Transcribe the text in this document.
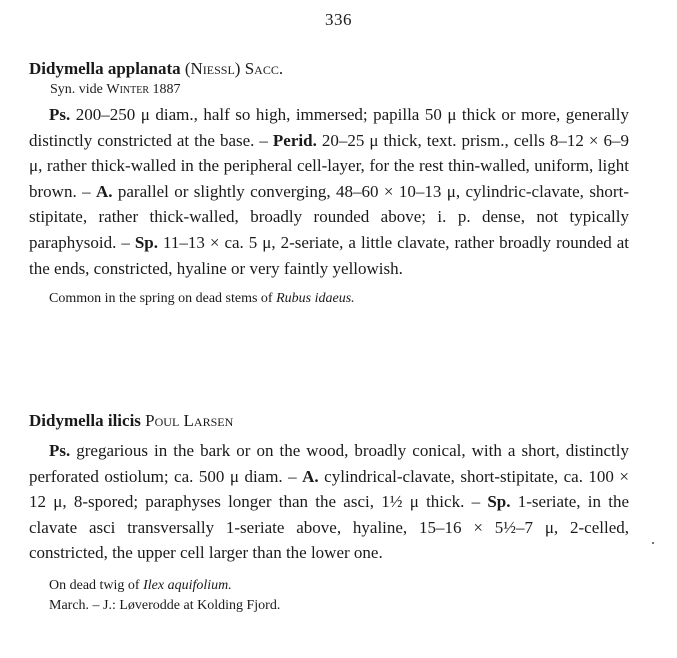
336

Didymella applanata (Niessl) Sacc.

Syn. vide Winter 1887

Ps. 200–250 μ diam., half so high, immersed; papilla 50 μ thick or more, generally distinctly constricted at the base. – Perid. 20–25 μ thick, text. prism., cells 8–12 × 6–9 μ, rather thick-walled in the peripheral cell-layer, for the rest thin-walled, uniform, light brown. – A. parallel or slightly converging, 48–60 × 10–13 μ, cylindric-clavate, short-stipitate, rather thick-walled, broadly rounded above; i. p. dense, not typically paraphysoid. – Sp. 11–13 × ca. 5 μ, 2-seriate, a little clavate, rather broadly rounded at the ends, constricted, hyaline or very faintly yellowish.

Common in the spring on dead stems of Rubus idaeus.

Didymella ilicis Poul Larsen

Ps. gregarious in the bark or on the wood, broadly conical, with a short, distinctly perforated ostiolum; ca. 500 μ diam. – A. cylindrical-clavate, short-stipitate, ca. 100 × 12 μ, 8-spored; paraphyses longer than the asci, 1½ μ thick. – Sp. 1-seriate, in the clavate asci transversally 1-seriate above, hyaline, 15–16 × 5½–7 μ, 2-celled, constricted, the upper cell larger than the lower one.

On dead twig of Ilex aquifolium.

March. – J.: Løverodde at Kolding Fjord.
